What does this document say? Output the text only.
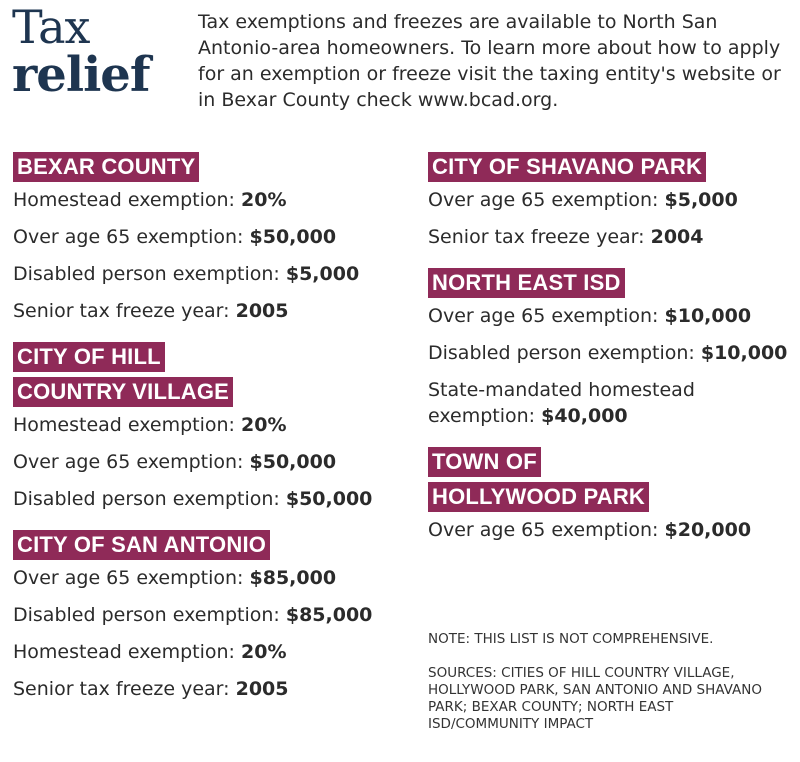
Tax
relief
Tax exemptions and freezes are available to North San Antonio-area homeowners. To learn more about how to apply for an exemption or freeze visit the taxing entity's website or in Bexar County check www.bcad.org.
BEXAR COUNTY
Homestead exemption: 20%
Over age 65 exemption: $50,000
Disabled person exemption: $5,000
Senior tax freeze year: 2005
CITY OF HILL
COUNTRY VILLAGE
Homestead exemption: 20%
Over age 65 exemption: $50,000
Disabled person exemption: $50,000
CITY OF SAN ANTONIO
Over age 65 exemption: $85,000
Disabled person exemption: $85,000
Homestead exemption: 20%
Senior tax freeze year: 2005
CITY OF SHAVANO PARK
Over age 65 exemption: $5,000
Senior tax freeze year: 2004
NORTH EAST ISD
Over age 65 exemption: $10,000
Disabled person exemption: $10,000
State-mandated homestead exemption: $40,000
TOWN OF
HOLLYWOOD PARK
Over age 65 exemption: $20,000

NOTE: THIS LIST IS NOT COMPREHENSIVE.

SOURCES: CITIES OF HILL COUNTRY VILLAGE, HOLLYWOOD PARK, SAN ANTONIO AND SHAVANO PARK; BEXAR COUNTY; NORTH EAST ISD/COMMUNITY IMPACT
